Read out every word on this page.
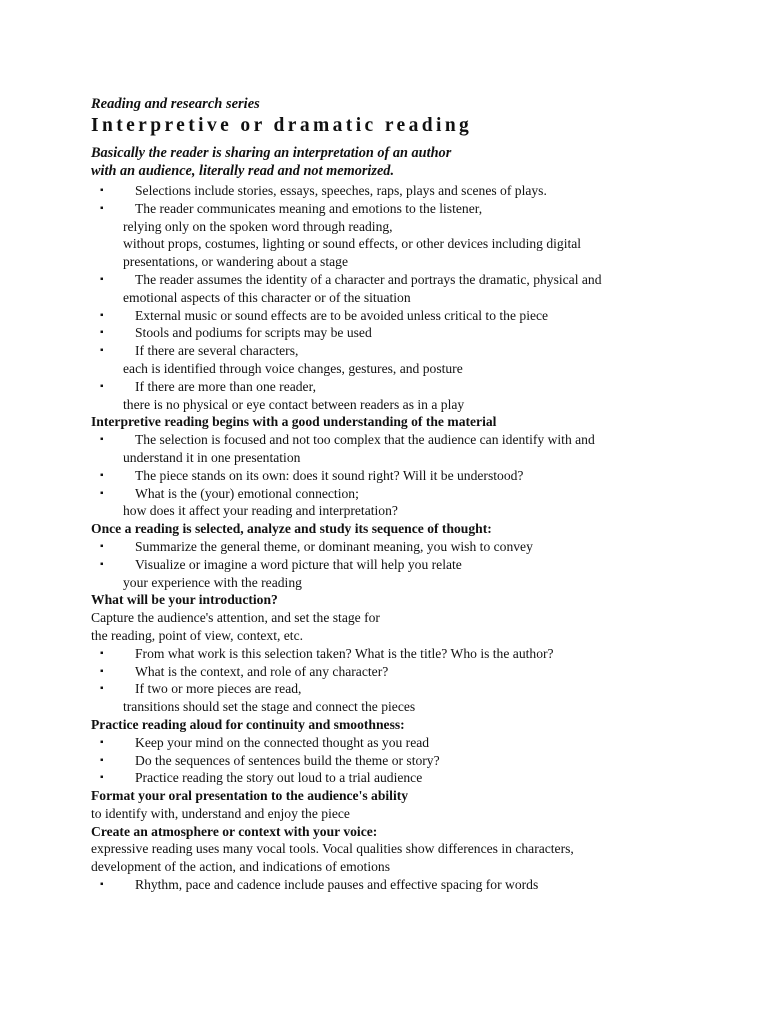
Reading and research series
Interpretive or dramatic reading
Basically the reader is sharing an interpretation of an author
with an audience, literally read and not memorized.
▪ Selections include stories, essays, speeches, raps, plays and scenes of plays.
▪ The reader communicates meaning and emotions to the listener,
relying only on the spoken word through reading,
without props, costumes, lighting or sound effects, or other devices including digital
presentations, or wandering about a stage
▪ The reader assumes the identity of a character and portrays the dramatic, physical and
emotional aspects of this character or of the situation
▪ External music or sound effects are to be avoided unless critical to the piece
▪ Stools and podiums for scripts may be used
▪ If there are several characters,
each is identified through voice changes, gestures, and posture
▪ If there are more than one reader,
there is no physical or eye contact between readers as in a play
Interpretive reading begins with a good understanding of the material
▪ The selection is focused and not too complex that the audience can identify with and
understand it in one presentation
▪ The piece stands on its own: does it sound right? Will it be understood?
▪ What is the (your) emotional connection;
how does it affect your reading and interpretation?
Once a reading is selected, analyze and study its sequence of thought:
▪ Summarize the general theme, or dominant meaning, you wish to convey
▪ Visualize or imagine a word picture that will help you relate
your experience with the reading
What will be your introduction?
Capture the audience's attention, and set the stage for
the reading, point of view, context, etc.
▪ From what work is this selection taken? What is the title? Who is the author?
▪ What is the context, and role of any character?
▪ If two or more pieces are read,
transitions should set the stage and connect the pieces
Practice reading aloud for continuity and smoothness:
▪ Keep your mind on the connected thought as you read
▪ Do the sequences of sentences build the theme or story?
▪ Practice reading the story out loud to a trial audience
Format your oral presentation to the audience's ability
to identify with, understand and enjoy the piece
Create an atmosphere or context with your voice:
expressive reading uses many vocal tools. Vocal qualities show differences in characters,
development of the action, and indications of emotions
▪ Rhythm, pace and cadence include pauses and effective spacing for words
